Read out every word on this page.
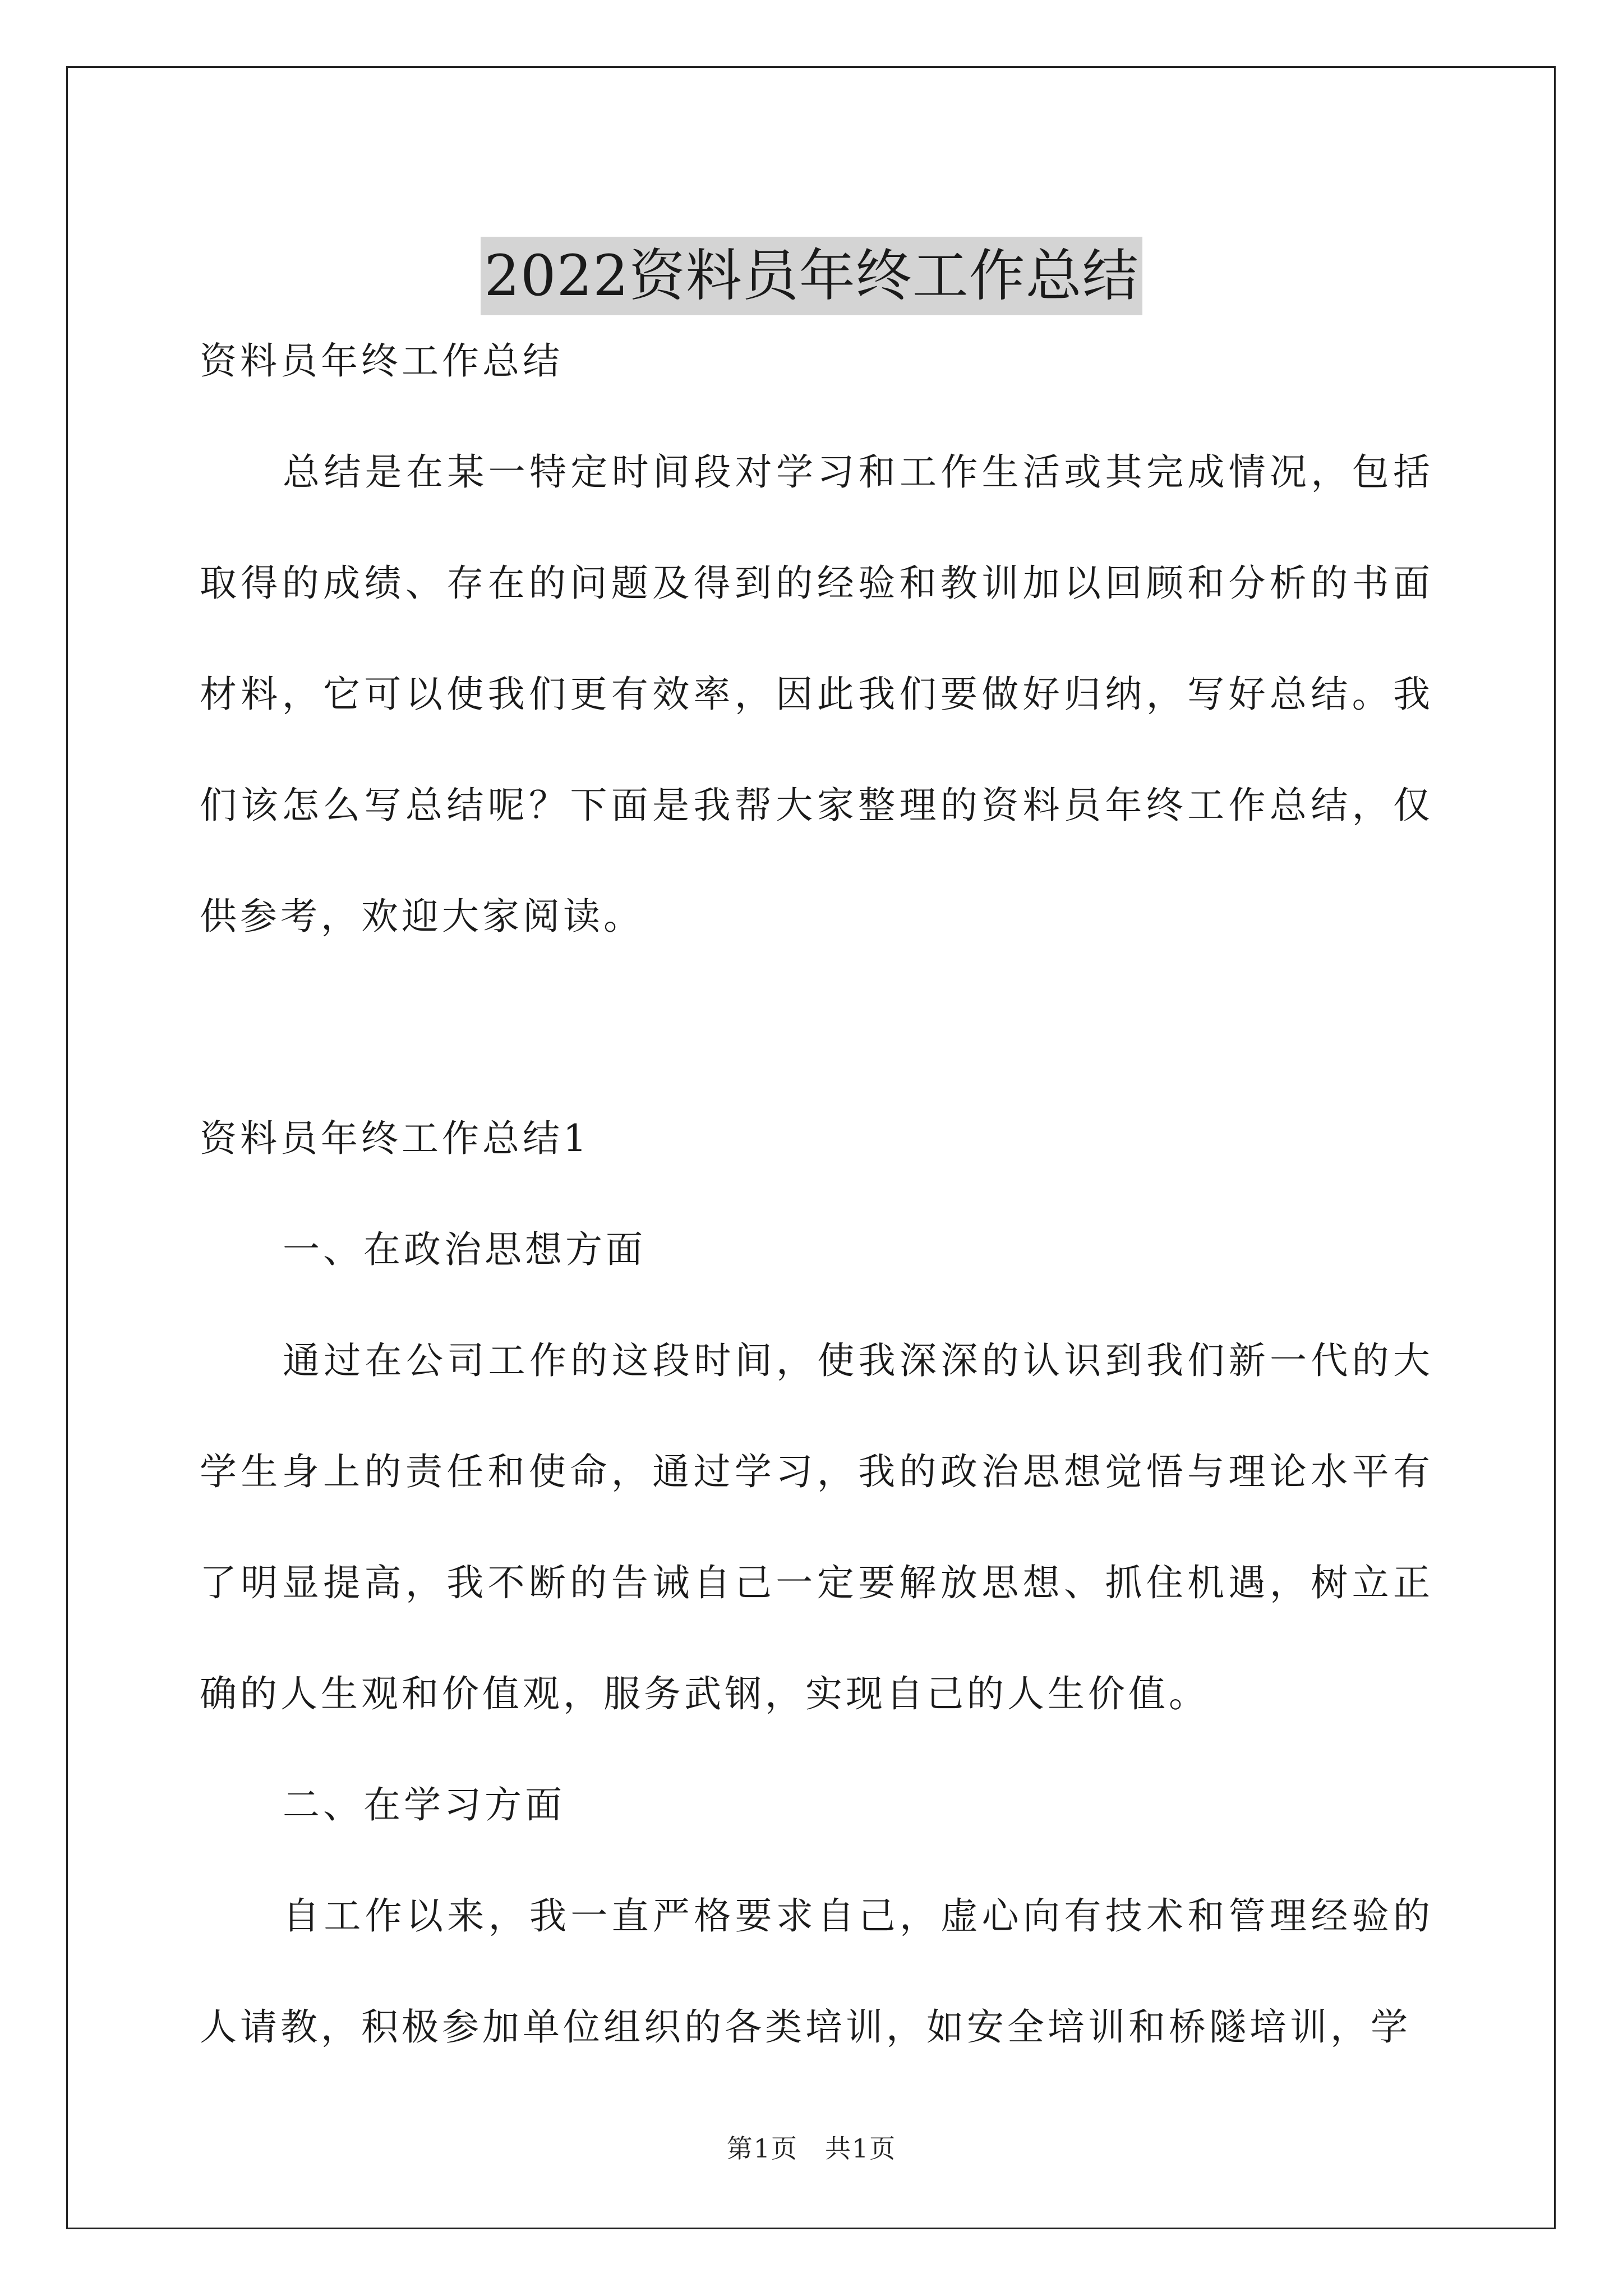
2022资料员年终工作总结
资料员年终工作总结

总结是在某一特定时间段对学习和工作生活或其完成情况，包括取得的成绩、存在的问题及得到的经验和教训加以回顾和分析的书面材料，它可以使我们更有效率，因此我们要做好归纳，写好总结。我们该怎么写总结呢？下面是我帮大家整理的资料员年终工作总结，仅供参考，欢迎大家阅读。

资料员年终工作总结1
一、在政治思想方面

通过在公司工作的这段时间，使我深深的认识到我们新一代的大学生身上的责任和使命，通过学习，我的政治思想觉悟与理论水平有了明显提高，我不断的告诫自己一定要解放思想、抓住机遇，树立正确的人生观和价值观，服务武钢，实现自己的人生价值。

二、在学习方面

自工作以来，我一直严格要求自己，虚心向有技术和管理经验的人请教，积极参加单位组织的各类培训，如安全培训和桥隧培训，学

第1页　共1页
